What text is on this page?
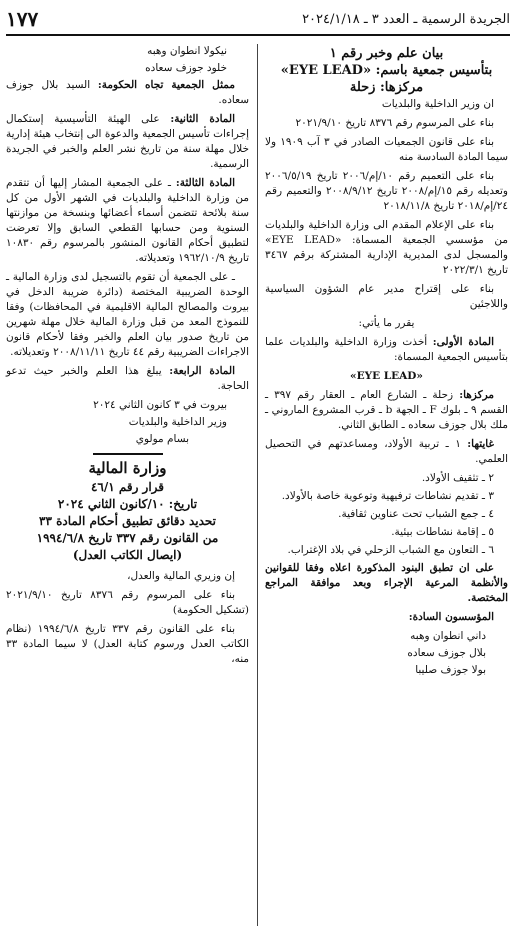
الجريدة الرسمية ـ العدد ٣ ـ ٢٠٢٤/١/١٨
١٧٧

بيان علم وخبر رقم ١

بتأسيس جمعية باسم: «EYE LEAD»

مركزها: زحلة

ان وزير الداخلية والبلديات

بناء على المرسوم رقم ٨٣٧٦ تاريخ ٢٠٢١/٩/١٠

بناء على قانون الجمعيات الصادر في ٣ آب ١٩٠٩ ولا سيما المادة السادسة منه

بناء على التعميم رقم ١٠/إم/٢٠٠٦ تاريخ ٢٠٠٦/٥/١٩ وتعديله رقم ١٥/إم/٢٠٠٨ تاريخ ٢٠٠٨/٩/١٢ والتعميم رقم ٢٤/إم/٢٠١٨ تاريخ ٢٠١٨/١١/٨

بناء على الإعلام المقدم الى وزارة الداخلية والبلديات من مؤسسي الجمعية المسماة: «EYE LEAD» والمسجل لدى المديرية الإدارية المشتركة برقم ٣٤٦٧ تاريخ ٢٠٢٢/٣/١

بناء على إقتراح مدير عام الشؤون السياسية واللاجئين

يقرر ما يأتي:

المادة الأولى: أخذت وزارة الداخلية والبلديات علما بتأسيس الجمعية المسماة:

«EYE LEAD»

مركزها: زحلة ـ الشارع العام ـ العقار رقم ٣٩٧ ـ القسم ٩ ـ بلوك F ـ الجهة b ـ قرب المشروع الماروني ـ ملك بلال جوزف سعاده ـ الطابق الثاني.

غايتها: ١ ـ تربية الأولاد، ومساعدتهم في التحصيل العلمي.

٢ ـ تثقيف الأولاد.

٣ ـ تقديم نشاطات ترفيهية وتوعوية خاصة بالأولاد.

٤ ـ جمع الشباب تحت عناوين ثقافية.

٥ ـ إقامة نشاطات بيئية.

٦ ـ التعاون مع الشباب الزحلي في بلاد الإغتراب.

على ان تطبق البنود المذكورة اعلاه وفقا للقوانين والأنظمة المرعية الإجراء وبعد موافقة المراجع المختصة.

المؤسسون السادة:

داني انطوان وهبه

بلال جوزف سعاده

بولا جوزف صليبا

نيكولا انطوان وهبه

خلود جوزف سعاده

ممثل الجمعية تجاه الحكومة: السيد بلال جوزف سعاده.

المادة الثانية: على الهيئة التأسيسية إستكمال إجراءات تأسيس الجمعية والدعوة الى إنتخاب هيئة إدارية خلال مهلة سنة من تاريخ نشر العلم والخبر في الجريدة الرسمية.

المادة الثالثة: ـ على الجمعية المشار إليها أن تتقدم من وزارة الداخلية والبلديات في الشهر الأول من كل سنة بلائحة تتضمن أسماء أعضائها وبنسخة من موازنتها السنوية ومن حسابها القطعي السابق وإلا تعرضت لتطبيق أحكام القانون المنشور بالمرسوم رقم ١٠٨٣٠ تاريخ ١٩٦٢/١٠/٩ وتعديلاته.

ـ على الجمعية أن تقوم بالتسجيل لدى وزارة المالية ـ الوحدة الضريبية المختصة (دائرة ضريبة الدخل في بيروت والمصالح المالية الاقليمية في المحافظات) وفقا للنموذج المعد من قبل وزارة المالية خلال مهلة شهرين من تاريخ صدور بيان العلم والخبر وفقا لأحكام قانون الاجراءات الضريبية رقم ٤٤ تاريخ ٢٠٠٨/١١/١١ وتعديلاته.

المادة الرابعة: يبلغ هذا العلم والخبر حيث تدعو الحاجة.

بيروت في ٣ كانون الثاني ٢٠٢٤

وزير الداخلية والبلديات

بسام مولوي

وزارة المالية

قرار رقم ٤٦/١

تاريخ: ١٠/كانون الثاني ٢٠٢٤

تحديد دقائق تطبيق أحكام المادة ٣٣

من القانون رقم ٣٣٧ تاريخ ١٩٩٤/٦/٨

(ايصال الكاتب العدل)

إن وزيري المالية والعدل،

بناء على المرسوم رقم ٨٣٧٦ تاريخ ٢٠٢١/٩/١٠ (تشكيل الحكومة)

بناء على القانون رقم ٣٣٧ تاريخ ١٩٩٤/٦/٨ (نظام الكاتب العدل ورسوم كتابة العدل) لا سيما المادة ٣٣ منه،
